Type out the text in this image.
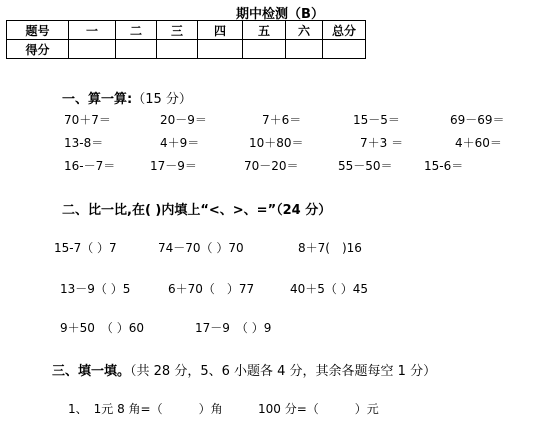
期中检测（B）
题号	一	二	三	四	五	六	总分
得分							
一、算一算:（15 分）
70＋7＝	20－9＝	7＋6＝	15－5＝	69－69＝
13-8＝	4＋9＝	10＋80＝	7＋3 ＝	4＋60＝
16-－7＝	17－9＝	70－20＝	55－50＝	15-6＝
二、比一比,在( )内填上“<、>、=”（24 分）
15-7（ ）7	74－70（ ）70	8＋7(　)16
13－9（ ）5	6＋70（　）77	40＋5（ ）45
9＋50　（ ）60	17－9　（ ）9
三、填一填。（共 28 分，5、6 小题各 4 分，其余各题每空 1 分）
1、　1元 8 角=（　　　）角	100 分=（　　　）元
